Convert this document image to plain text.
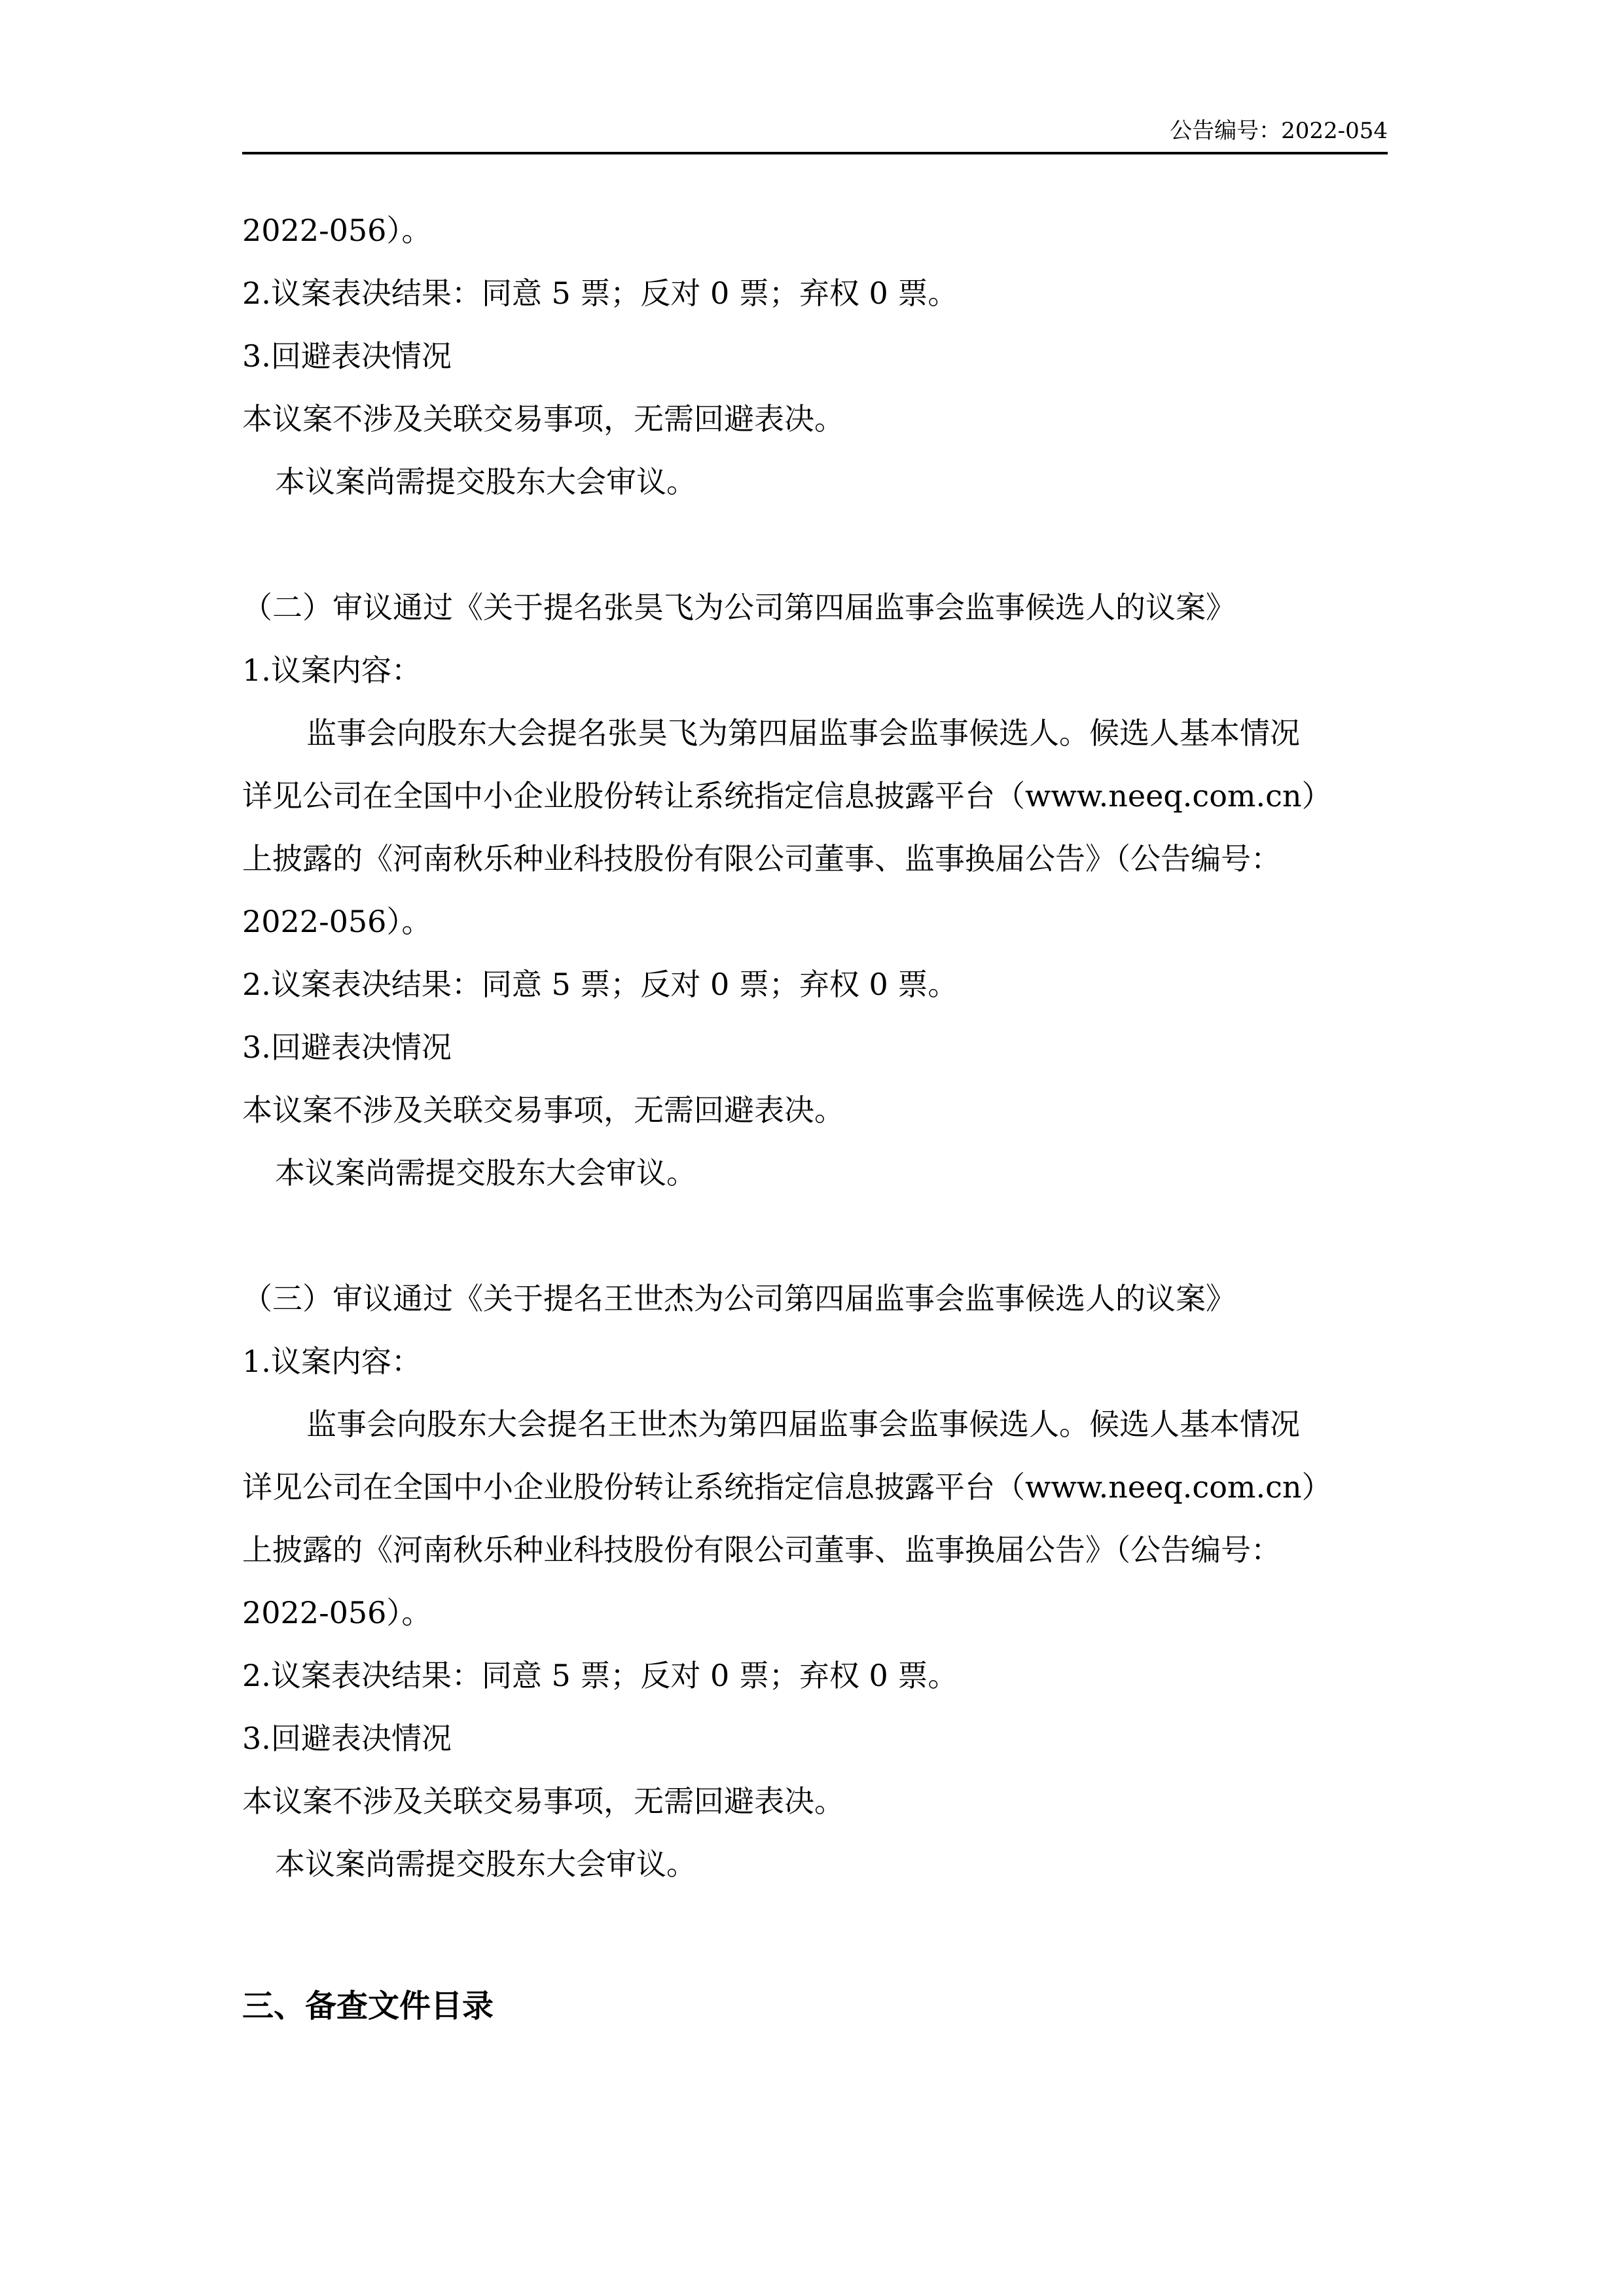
公告编号：2022-054
2022-056）。
2.议案表决结果：同意 5 票；反对 0 票；弃权 0 票。
3.回避表决情况
本议案不涉及关联交易事项，无需回避表决。
本议案尚需提交股东大会审议。
（二）审议通过《关于提名张昊飞为公司第四届监事会监事候选人的议案》
1.议案内容：
监事会向股东大会提名张昊飞为第四届监事会监事候选人。候选人基本情况
详见公司在全国中小企业股份转让系统指定信息披露平台（www.neeq.com.cn）
上披露的《河南秋乐种业科技股份有限公司董事、监事换届公告》（公告编号：
2022-056）。
2.议案表决结果：同意 5 票；反对 0 票；弃权 0 票。
3.回避表决情况
本议案不涉及关联交易事项，无需回避表决。
本议案尚需提交股东大会审议。
（三）审议通过《关于提名王世杰为公司第四届监事会监事候选人的议案》
1.议案内容：
监事会向股东大会提名王世杰为第四届监事会监事候选人。候选人基本情况
详见公司在全国中小企业股份转让系统指定信息披露平台（www.neeq.com.cn）
上披露的《河南秋乐种业科技股份有限公司董事、监事换届公告》（公告编号：
2022-056）。
2.议案表决结果：同意 5 票；反对 0 票；弃权 0 票。
3.回避表决情况
本议案不涉及关联交易事项，无需回避表决。
本议案尚需提交股东大会审议。
三、备查文件目录
